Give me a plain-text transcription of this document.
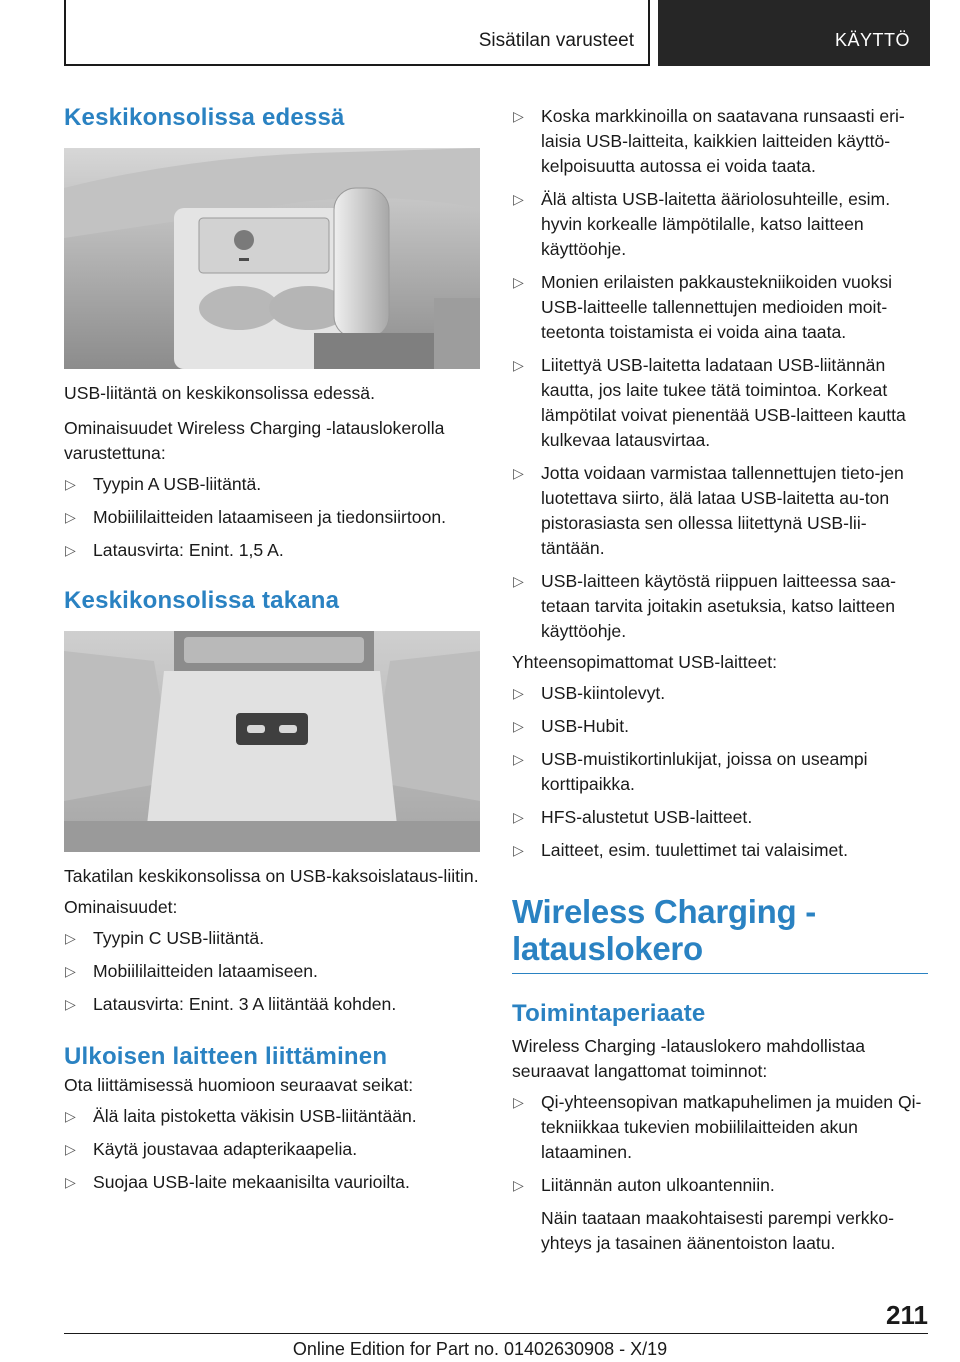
Sisätilan varusteet	KÄYTTÖ
Keskikonsolissa edessä
USB-liitäntä on keskikonsolissa edessä.
Ominaisuudet Wireless Charging -latauslokerolla varustettuna:
▷ Tyypin A USB-liitäntä.
▷ Mobiililaitteiden lataamiseen ja tiedonsiirtoon.
▷ Latausvirta: Enint. 1,5 A.
Keskikonsolissa takana
Takatilan keskikonsolissa on USB-kaksoislataus-liitin.
Ominaisuudet:
▷ Tyypin C USB-liitäntä.
▷ Mobiililaitteiden lataamiseen.
▷ Latausvirta: Enint. 3 A liitäntää kohden.
Ulkoisen laitteen liittäminen
Ota liittämisessä huomioon seuraavat seikat:
▷ Älä laita pistoketta väkisin USB-liitäntään.
▷ Käytä joustavaa adapterikaapelia.
▷ Suojaa USB-laite mekaanisilta vaurioilta.
▷ Koska markkinoilla on saatavana runsaasti eri-laisia USB-laitteita, kaikkien laitteiden käyttö-kelpoisuutta autossa ei voida taata.
▷ Älä altista USB-laitetta ääriolosuhteille, esim. hyvin korkealle lämpötilalle, katso laitteen käyttöohje.
▷ Monien erilaisten pakkaustekniikoiden vuoksi USB-laitteelle tallennettujen medioiden moit-teetonta toistamista ei voida aina taata.
▷ Liitettyä USB-laitetta ladataan USB-liitännän kautta, jos laite tukee tätä toimintoa. Korkeat lämpötilat voivat pienentää USB-laitteen kautta kulkevaa latausvirtaa.
▷ Jotta voidaan varmistaa tallennettujen tieto-jen luotettava siirto, älä lataa USB-laitetta au-ton pistorasiasta sen ollessa liitettynä USB-lii-täntään.
▷ USB-laitteen käytöstä riippuen laitteessa saa-tetaan tarvita joitakin asetuksia, katso laitteen käyttöohje.
Yhteensopimattomat USB-laitteet:
▷ USB-kiintolevyt.
▷ USB-Hubit.
▷ USB-muistikortinlukijat, joissa on useampi korttipaikka.
▷ HFS-alustetut USB-laitteet.
▷ Laitteet, esim. tuulettimet tai valaisimet.
Wireless Charging -latauslokero
Toimintaperiaate
Wireless Charging -latauslokero mahdollistaa seuraavat langattomat toiminnot:
▷ Qi-yhteensopivan matkapuhelimen ja muiden Qi-tekniikkaa tukevien mobiililaitteiden akun lataaminen.
▷ Liitännän auton ulkoantenniin.
Näin taataan maakohtaisesti parempi verkko-yhteys ja tasainen äänentoiston laatu.
211
Online Edition for Part no. 01402630908 - X/19
